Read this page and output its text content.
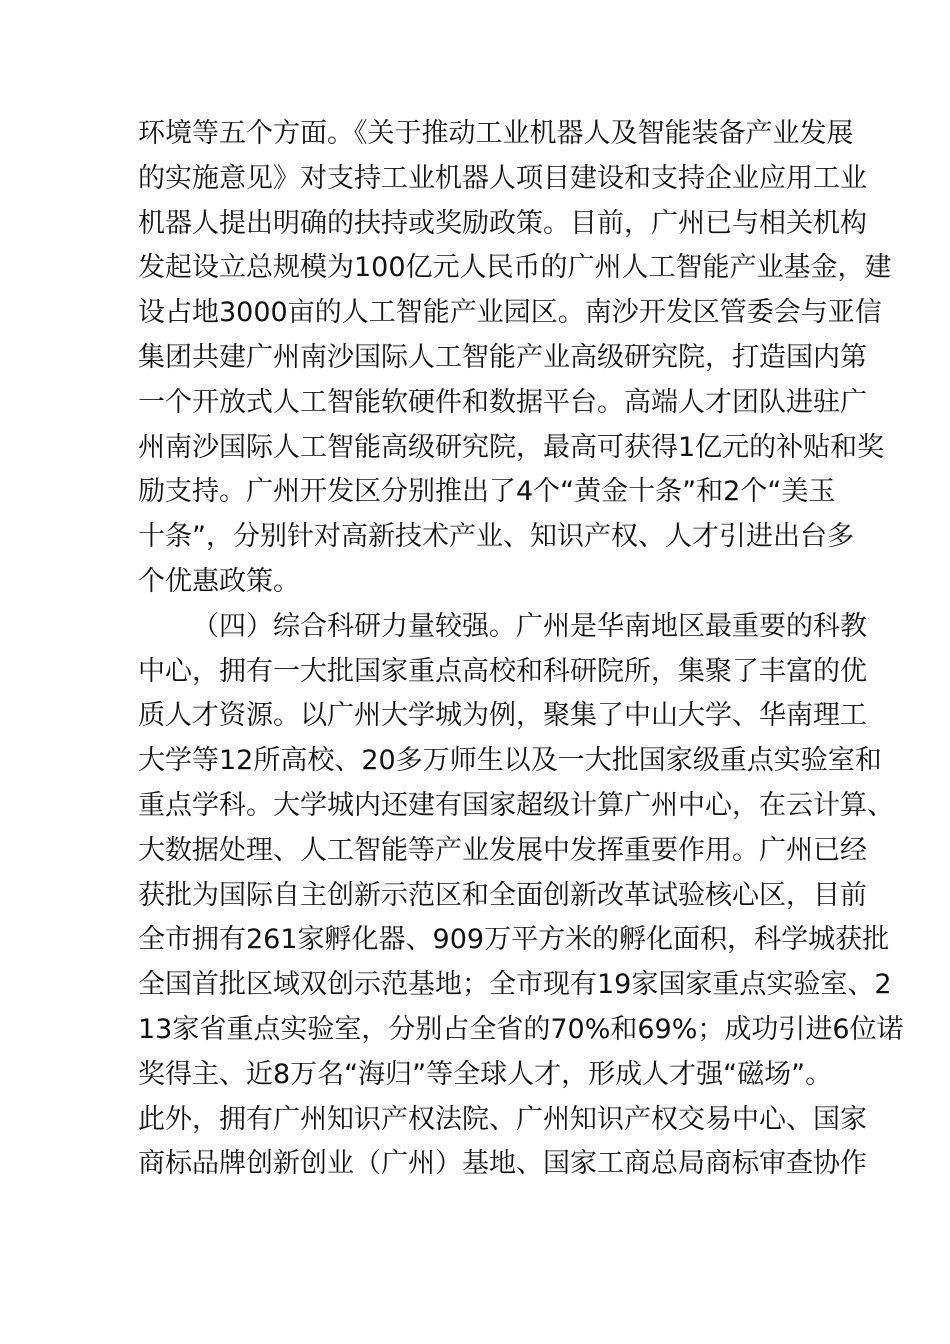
环境等五个方面。《关于推动工业机器人及智能装备产业发展
的实施意见》对支持工业机器人项目建设和支持企业应用工业
机器人提出明确的扶持或奖励政策。目前，广州已与相关机构
发起设立总规模为100亿元人民币的广州人工智能产业基金，建
设占地3000亩的人工智能产业园区。南沙开发区管委会与亚信
集团共建广州南沙国际人工智能产业高级研究院，打造国内第
一个开放式人工智能软硬件和数据平台。高端人才团队进驻广
州南沙国际人工智能高级研究院，最高可获得1亿元的补贴和奖
励支持。广州开发区分别推出了4个“黄金十条”和2个“美玉
十条”，分别针对高新技术产业、知识产权、人才引进出台多
个优惠政策。
（四）综合科研力量较强。广州是华南地区最重要的科教
中心，拥有一大批国家重点高校和科研院所，集聚了丰富的优
质人才资源。以广州大学城为例，聚集了中山大学、华南理工
大学等12所高校、20多万师生以及一大批国家级重点实验室和
重点学科。大学城内还建有国家超级计算广州中心，在云计算、
大数据处理、人工智能等产业发展中发挥重要作用。广州已经
获批为国际自主创新示范区和全面创新改革试验核心区，目前
全市拥有261家孵化器、909万平方米的孵化面积，科学城获批
全国首批区域双创示范基地；全市现有19家国家重点实验室、2
13家省重点实验室，分别占全省的70%和69%；成功引进6位诺
奖得主、近8万名“海归”等全球人才，形成人才强“磁场”。
此外，拥有广州知识产权法院、广州知识产权交易中心、国家
商标品牌创新创业（广州）基地、国家工商总局商标审查协作
